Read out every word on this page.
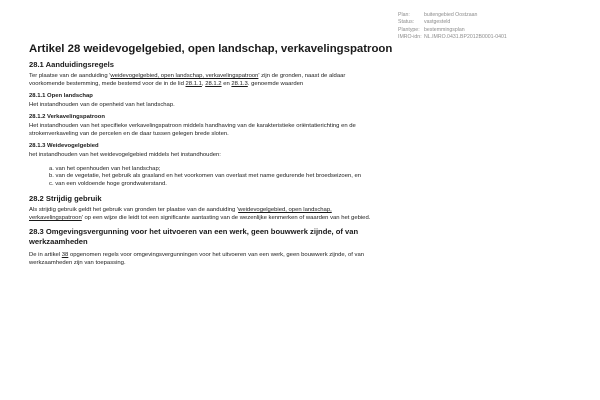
Plan:	buitengebied Oostzaan
Status:	vastgesteld
Plantype: bestemmingsplan
IMRO-idn: NL.IMRO.0431.BP2012B0001-0401
Artikel 28 weidevogelgebied, open landschap, verkavelingspatroon
28.1 Aanduidingsregels
Ter plaatse van de aanduiding 'weidevogelgebied, open landschap, verkavelingspatroon' zijn de gronden, naast de aldaar
voorkomende bestemming, mede bestemd voor de in de lid 28.1.1, 28.1.2 en 28.1.3. genoemde waarden
28.1.1 Open landschap
Het instandhouden van de openheid van het landschap.
28.1.2 Verkavelingspatroon
Het instandhouden van het specifieke verkavelingspatroon middels handhaving van de karakteristieke oriëntatierichting en de
strokenverkaveling van de percelen en de daar tussen gelegen brede sloten.
28.1.3 Weidevogelgebied
het instandhouden van het weidevogelgebied middels het instandhouden:
a. van het openhouden van het landschap;
b. van de vegetatie, het gebruik als grasland en het voorkomen van overlast met name gedurende het broedseizoen, en
c. van een voldoende hoge grondwaterstand.
28.2 Strijdig gebruik
Als strijdig gebruik geldt het gebruik van gronden ter plaatse van de aanduiding 'weidevogelgebied, open landschap,
verkavelingspatroon' op een wijze die leidt tot een significante aantasting van de wezenlijke kenmerken of waarden van het gebied.
28.3 Omgevingsvergunning voor het uitvoeren van een werk, geen bouwwerk zijnde, of van
werkzaamheden
De in artikel 38 opgenomen regels voor omgevingsvergunningen voor het uitvoeren van een werk, geen bouwwerk zijnde, of van
werkzaamheden zijn van toepassing.
